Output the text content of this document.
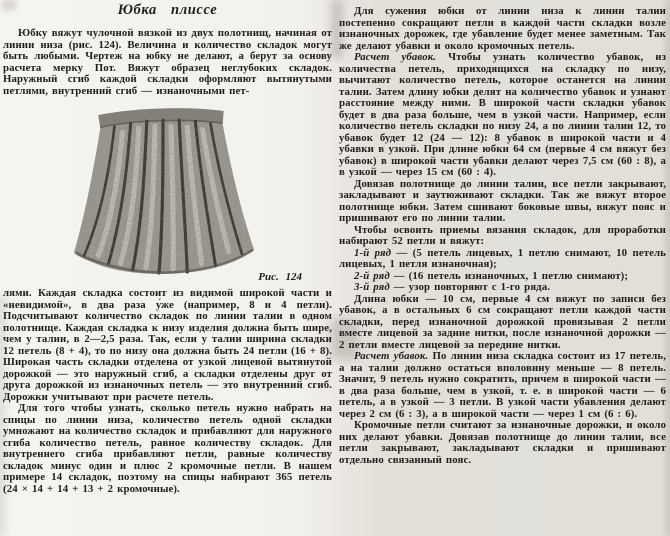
Юбка плиссе

Юбку вяжут чулочной вязкой из двух полотнищ, начиная от линии низа (рис. 124). Величина и количество складок могут быть любыми. Чертеж на юбку не делают, а берут за основу расчета мерку Пот. Вяжут образец неглубоких складок. Наружный сгиб каждой складки оформляют вытянутыми петлями, внутренний сгиб — изнаночными пет-

Рис. 124

лями. Каждая складка состоит из видимой широкой части и «невидимой», в два раза у́же (например, 8 и 4 петли). Подсчитывают количество складок по линии талии в одном полотнище. Каждая складка к низу изделия должна быть шире, чем у талии, в 2—2,5 раза. Так, если у талии ширина складки 12 петель (8 + 4), то по низу она должна быть 24 петли (16 + 8). Широкая часть складки отделена от узкой лицевой вытянутой дорожкой — это наружный сгиб, а складки отделены друг от друга дорожкой из изнаночных петель — это внутренний сгиб. Дорожки учитывают при расчете петель.

Для того чтобы узнать, сколько петель нужно набрать на спицы по линии низа, количество петель одной складки умножают на количество складок и прибавляют для наружного сгиба количество петель, равное количеству складок. Для внутреннего сгиба прибавляют петли, равные количеству складок минус один и плюс 2 кромочные петли. В нашем примере 14 складок, поэтому на спицы набирают 365 петель (24 × 14 + 14 + 13 + 2 кромочные).

Для сужения юбки от линии низа к линии талии постепенно сокращают петли в каждой части складки возле изнаночных дорожек, где убавление будет менее заметным. Так же делают убавки и около кромочных петель.

Расчет убавок. Чтобы узнать количество убавок, из количества петель, приходящихся на складку по низу, вычитают количество петель, которое останется на линии талии. Затем длину юбки делят на количество убавок и узнают расстояние между ними. В широкой части складки убавок будет в два раза больше, чем в узкой части. Например, если количество петель складки по низу 24, а по линии талии 12, то убавок будет 12 (24 — 12): 8 убавок в широкой части и 4 убавки в узкой. При длине юбки 64 см (первые 4 см вяжут без убавок) в широкой части убавки делают через 7,5 см (60 : 8), а в узкой — через 15 см (60 : 4).

Довязав полотнище до линии талии, все петли закрывают, закладывают и заутюживают складки. Так же вяжут второе полотнище юбки. Затем сшивают боковые швы, вяжут пояс и пришивают его по линии талии.

Чтобы освоить приемы вязания складок, для проработки набирают 52 петли и вяжут:

1-й ряд — (5 петель лицевых, 1 петлю снимают, 10 петель лицевых, 1 петля изнаночная);

2-й ряд — (16 петель изнаночных, 1 петлю снимают);

3-й ряд — узор повторяют с 1-го ряда.

Длина юбки — 10 см, первые 4 см вяжут по записи без убавок, а в остальных 6 см сокращают петли каждой части складки, перед изнаночной дорожкой провязывая 2 петли вместе лицевой за задние нитки, после изнаночной дорожки — 2 петли вместе лицевой за передние нитки.

Расчет убавок. По линии низа складка состоит из 17 петель, а на талии должно остаться вполовину меньше — 8 петель. Значит, 9 петель нужно сократить, причем в широкой части — в два раза больше, чем в узкой, т. е. в широкой части — 6 петель, а в узкой — 3 петли. В узкой части убавления делают через 2 см (6 : 3), а в широкой части — через 1 см (6 : 6).

Кромочные петли считают за изнаночные дорожки, и около них делают убавки. Довязав полотнище до линии талии, все петли закрывают, закладывают складки и пришивают отдельно связанный пояс.
